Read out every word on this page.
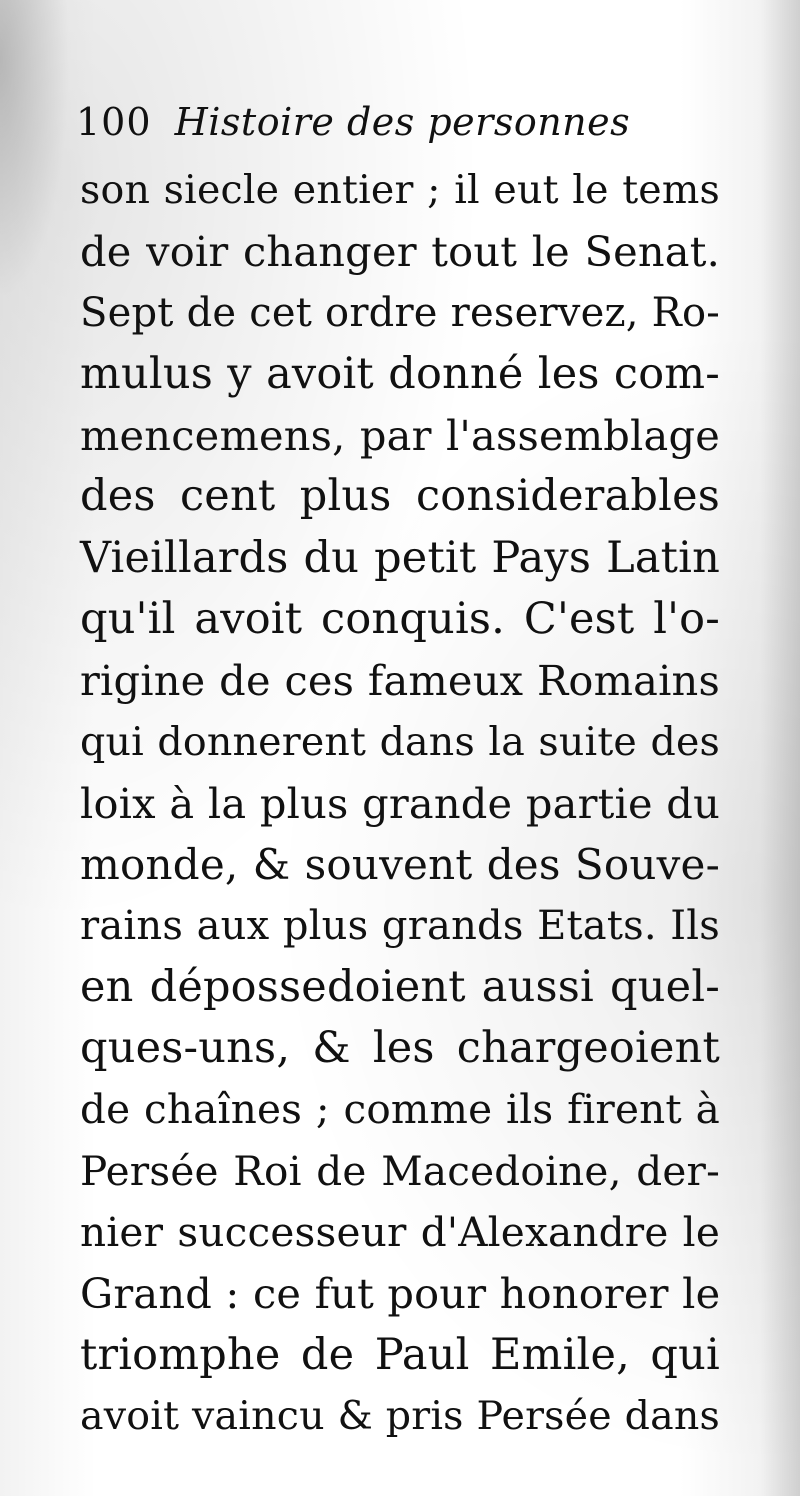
100 Histoire des personnes
son siecle entier ; il eut le tems
de voir changer tout le Senat.
Sept de cet ordre reservez, Ro-
mulus y avoit donné les com-
mencemens, par l'assemblage
des cent plus considerables
Vieillards du petit Pays Latin
qu'il avoit conquis. C'est l'o-
rigine de ces fameux Romains
qui donnerent dans la suite des
loix à la plus grande partie du
monde, & souvent des Souve-
rains aux plus grands Etats. Ils
en dépossedoient aussi quel-
ques-uns, & les chargeoient
de chaînes ; comme ils firent à
Persée Roi de Macedoine, der-
nier successeur d'Alexandre le
Grand : ce fut pour honorer le
triomphe de Paul Emile, qui
avoit vaincu & pris Persée dans
